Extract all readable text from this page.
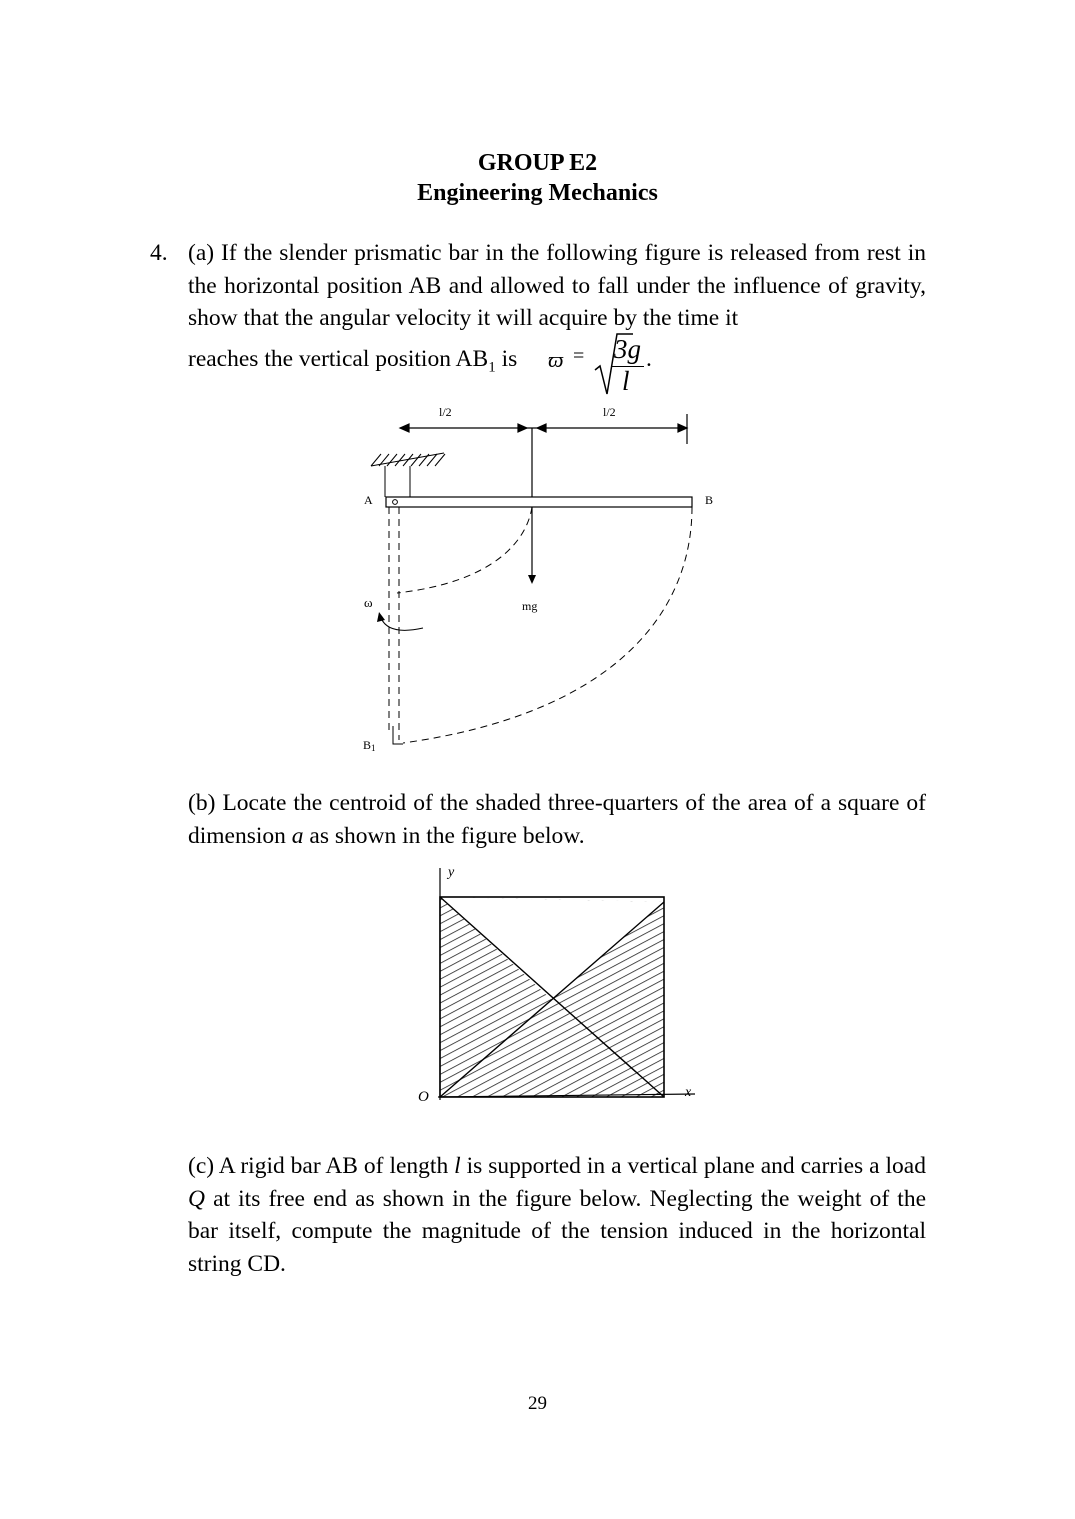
GROUP E2
Engineering Mechanics
4. (a) If the slender prismatic bar in the following figure is released from rest in the horizontal position AB and allowed to fall under the influence of gravity, show that the angular velocity it will acquire by the time it
reaches the vertical position $AB_1$ is ϖ = 3g
l
.
l/2	l/2
A	B
mg
B1
ω
(b) Locate the centroid of the shaded three-quarters of the area of a square of dimension a as shown in the figure below.
y
O	x
(c) A rigid bar AB of length l is supported in a vertical plane and carries a load Q at its free end as shown in the figure below. Neglecting the weight of the bar itself, compute the magnitude of the tension induced in the horizontal string CD.
29
